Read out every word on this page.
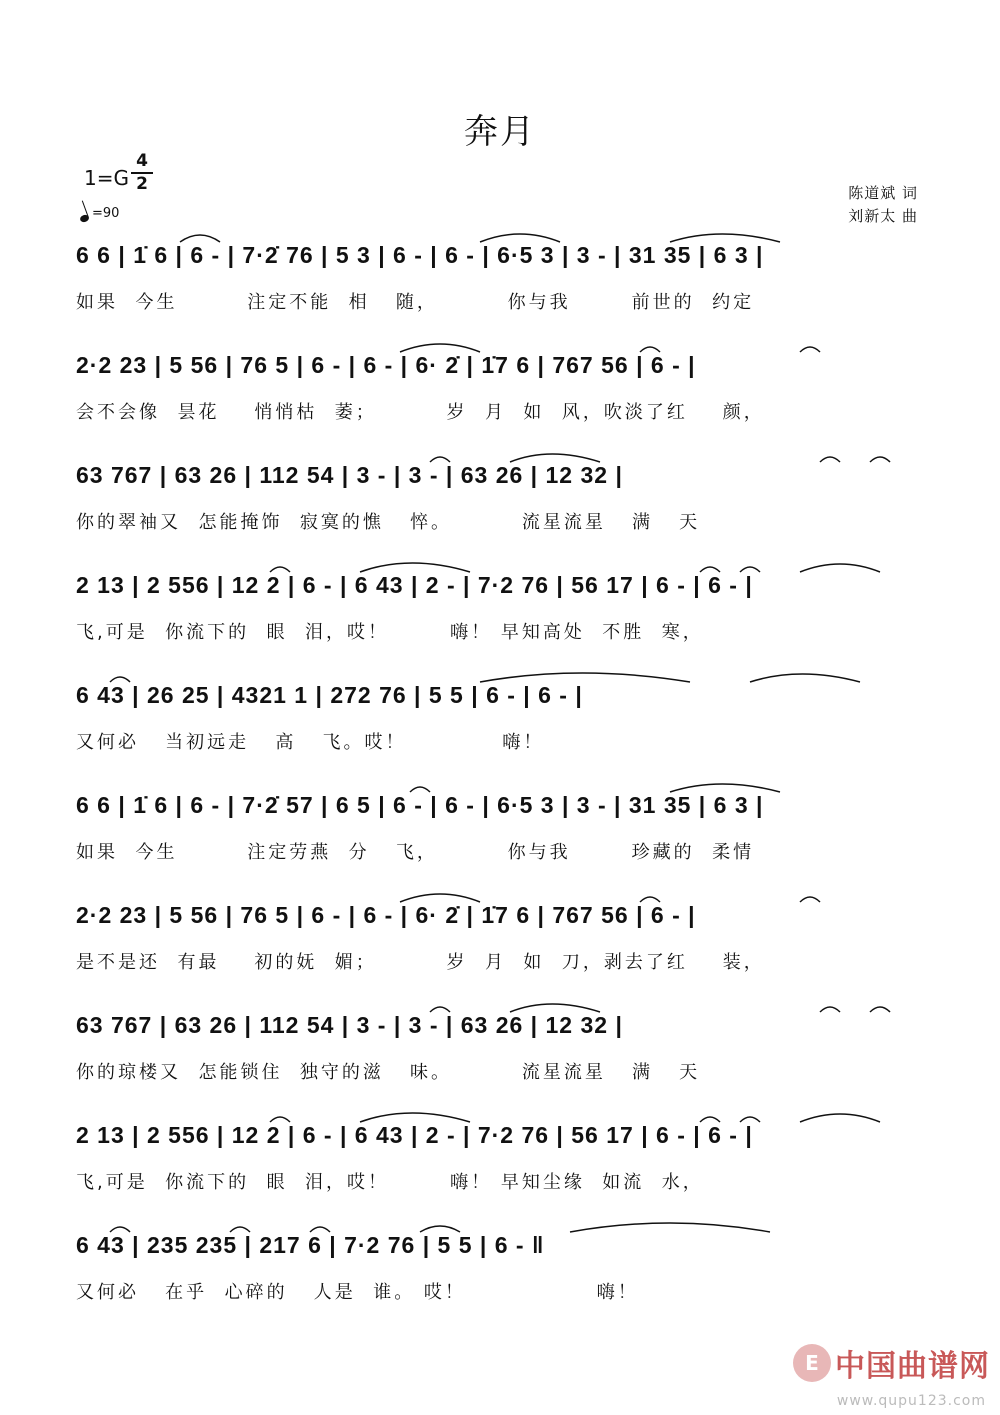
奔月
1=G
4
2
=90
陈道斌 词
刘新太 曲
6 6 | 1̇ 6 | 6 - | 7·2̇ 76 | 5 3 | 6 - | 6 - | 6·5 3 | 3 - | 31 35 | 6 3 |
如果  今生        注定不能  相   随，        你与我       前世的  约定
2·2 23 | 5 56 | 76 5 | 6 - | 6 - | 6· 2̇ | 1̇7 6 | 767 56 | 6 - |
会不会像  昙花    悄悄枯  萎；        岁  月  如  风，吹淡了红    颜，
63 767 | 63 26 | 112 54 | 3 - | 3 - | 63 26 | 12 32 |
你的翠袖又  怎能掩饰  寂寞的憔   悴。        流星流星   满   天
2 13 | 2 556 | 12 2 | 6 - | 6 43 | 2 - | 7·2 76 | 56 17 | 6 - | 6 - |
飞,可是  你流下的  眼  泪，哎！       嗨！ 早知高处  不胜  寒，
6 43 | 26 25 | 4321 1 | 272 76 | 5 5 | 6 - | 6 - |
又何必   当初远走   高   飞。哎！           嗨！
6 6 | 1̇ 6 | 6 - | 7·2̇ 57 | 6 5 | 6 - | 6 - | 6·5 3 | 3 - | 31 35 | 6 3 |
如果  今生        注定劳燕  分   飞，        你与我       珍藏的  柔情
2·2 23 | 5 56 | 76 5 | 6 - | 6 - | 6· 2̇ | 1̇7 6 | 767 56 | 6 - |
是不是还  有最    初的妩  媚；        岁  月  如  刀，剥去了红    装，
63 767 | 63 26 | 112 54 | 3 - | 3 - | 63 26 | 12 32 |
你的琼楼又  怎能锁住  独守的滋   味。        流星流星   满   天
2 13 | 2 556 | 12 2 | 6 - | 6 43 | 2 - | 7·2 76 | 56 17 | 6 - | 6 - |
飞,可是  你流下的  眼  泪，哎！       嗨！ 早知尘缘  如流  水，
6 43 | 235 235 | 217 6 | 7·2 76 | 5 5 | 6 - ‖
又何必   在乎  心碎的   人是  谁。 哎！               嗨！
E 中国曲谱网
www.qupu123.com
